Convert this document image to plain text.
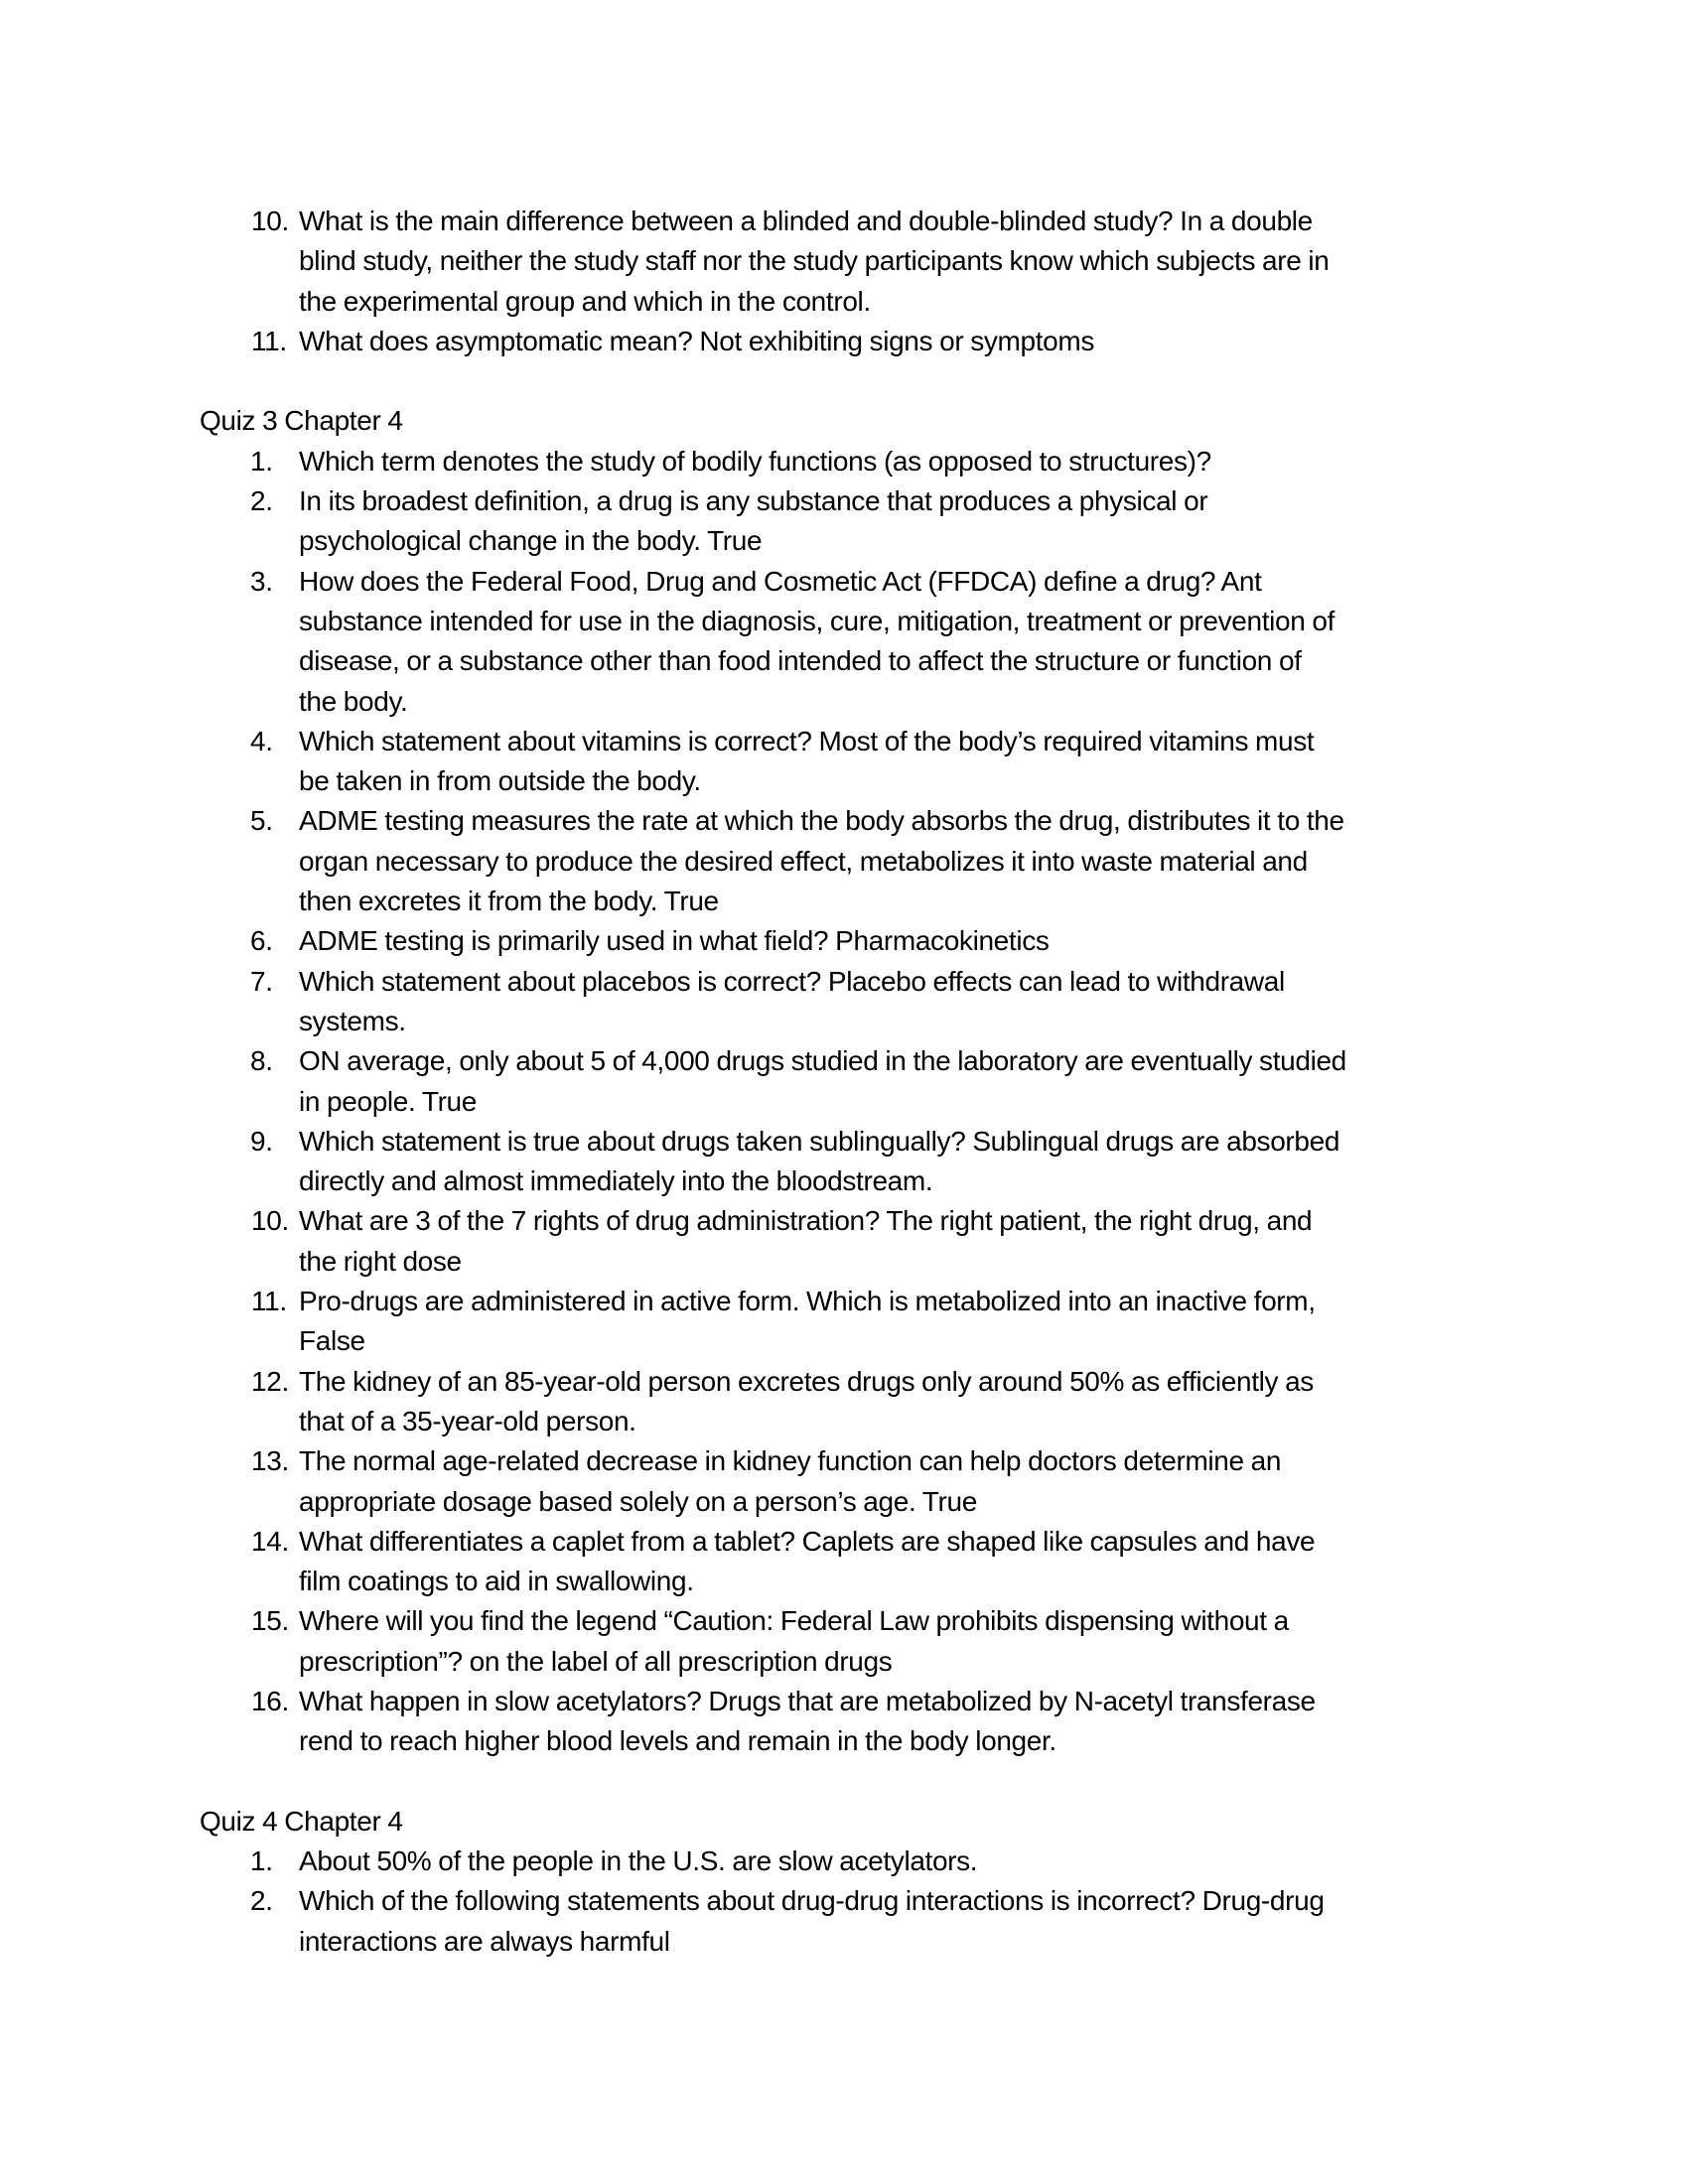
10. What is the main difference between a blinded and double-blinded study? In a double
blind study, neither the study staff nor the study participants know which subjects are in
the experimental group and which in the control.
11. What does asymptomatic mean? Not exhibiting signs or symptoms
Quiz 3 Chapter 4
1. Which term denotes the study of bodily functions (as opposed to structures)?
2. In its broadest definition, a drug is any substance that produces a physical or
psychological change in the body. True
3. How does the Federal Food, Drug and Cosmetic Act (FFDCA) define a drug? Ant
substance intended for use in the diagnosis, cure, mitigation, treatment or prevention of
disease, or a substance other than food intended to affect the structure or function of
the body.
4. Which statement about vitamins is correct? Most of the body’s required vitamins must
be taken in from outside the body.
5. ADME testing measures the rate at which the body absorbs the drug, distributes it to the
organ necessary to produce the desired effect, metabolizes it into waste material and
then excretes it from the body. True
6. ADME testing is primarily used in what field? Pharmacokinetics
7. Which statement about placebos is correct? Placebo effects can lead to withdrawal
systems.
8. ON average, only about 5 of 4,000 drugs studied in the laboratory are eventually studied
in people. True
9. Which statement is true about drugs taken sublingually? Sublingual drugs are absorbed
directly and almost immediately into the bloodstream.
10. What are 3 of the 7 rights of drug administration? The right patient, the right drug, and
the right dose
11. Pro-drugs are administered in active form. Which is metabolized into an inactive form,
False
12. The kidney of an 85-year-old person excretes drugs only around 50% as efficiently as
that of a 35-year-old person.
13. The normal age-related decrease in kidney function can help doctors determine an
appropriate dosage based solely on a person’s age. True
14. What differentiates a caplet from a tablet? Caplets are shaped like capsules and have
film coatings to aid in swallowing.
15. Where will you find the legend “Caution: Federal Law prohibits dispensing without a
prescription”? on the label of all prescription drugs
16. What happen in slow acetylators? Drugs that are metabolized by N-acetyl transferase
rend to reach higher blood levels and remain in the body longer.
Quiz 4 Chapter 4
1. About 50% of the people in the U.S. are slow acetylators.
2. Which of the following statements about drug-drug interactions is incorrect? Drug-drug
interactions are always harmful
